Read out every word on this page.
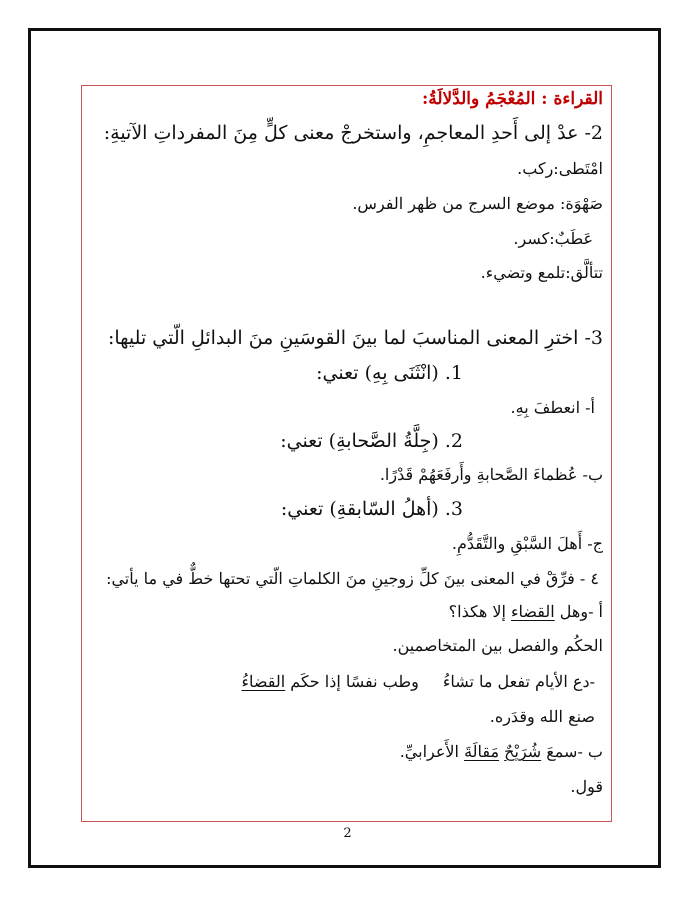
القراءة : المُعْجَمُ والدَّلالَةُ:
2- عدْ إلى أَحدِ المعاجمِ، واستخرجْ معنى كلٍّ مِنَ المفرداتِ الآتيةِ:
امْتَطى:ركب.
صَهْوَة: موضع السرج من ظهر الفرس.
عَطَبٌ:كسر.
تتألَّق:تلمع وتضيء.
3- اخترِ المعنى المناسبَ لما بينَ القوسَينِ منَ البدائلِ الّتي تليها:
1. (انْثَنَى بِهِ) تعني:
أ- انعطفَ بِهِ.
2. (جِلَّةُ الصَّحابةِ) تعني:
ب- عُظماءَ الصَّحابةِ وأَرفَعَهُمْ قَدْرًا.
3. (أهلُ السّابقةِ) تعني:
ج- أَهلَ السَّبْقِ والتَّقَدُّمِ.
٤ - فرِّقْ في المعنى بينَ كلِّ زوجينِ منَ الكلماتِ الّتي تحتها خطٌّ في ما يأتي:
أ -وهل القضاء إلا هكذا؟
الحكُم والفصل بين المتخاصمين.
-دع الأيام تفعل ما تشاءُوطب نفسًا إذا حكَم القضاءُ
صنع الله وقدَره.
ب -سمعَ شُرَيْحٌ مَقالَةَ الأَعرابيِّ.
قول.
2
